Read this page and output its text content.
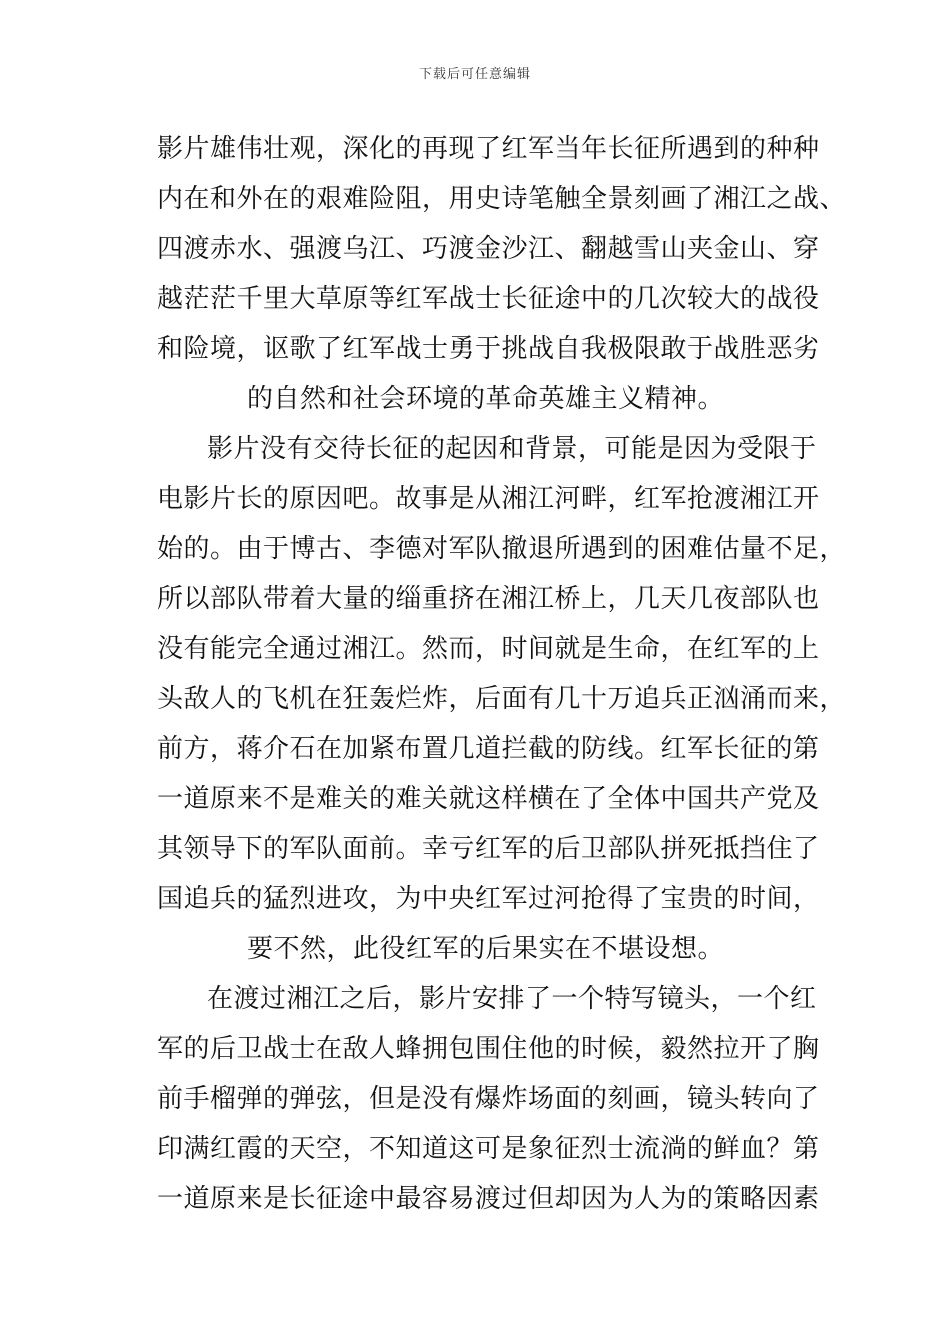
下载后可任意编辑
影片雄伟壮观，深化的再现了红军当年长征所遇到的种种
内在和外在的艰难险阻，用史诗笔触全景刻画了湘江之战、
四渡赤水、强渡乌江、巧渡金沙江、翻越雪山夹金山、穿
越茫茫千里大草原等红军战士长征途中的几次较大的战役
和险境，讴歌了红军战士勇于挑战自我极限敢于战胜恶劣
的自然和社会环境的革命英雄主义精神。
影片没有交待长征的起因和背景，可能是因为受限于
电影片长的原因吧。故事是从湘江河畔，红军抢渡湘江开
始的。由于博古、李德对军队撤退所遇到的困难估量不足，
所以部队带着大量的缁重挤在湘江桥上，几天几夜部队也
没有能完全通过湘江。然而，时间就是生命，在红军的上
头敌人的飞机在狂轰烂炸，后面有几十万追兵正汹涌而来，
前方，蒋介石在加紧布置几道拦截的防线。红军长征的第
一道原来不是难关的难关就这样横在了全体中国共产党及
其领导下的军队面前。幸亏红军的后卫部队拼死抵挡住了
国追兵的猛烈进攻，为中央红军过河抢得了宝贵的时间，
要不然，此役红军的后果实在不堪设想。
在渡过湘江之后，影片安排了一个特写镜头，一个红
军的后卫战士在敌人蜂拥包围住他的时候，毅然拉开了胸
前手榴弹的弹弦，但是没有爆炸场面的刻画，镜头转向了
印满红霞的天空，不知道这可是象征烈士流淌的鲜血？第
一道原来是长征途中最容易渡过但却因为人为的策略因素
